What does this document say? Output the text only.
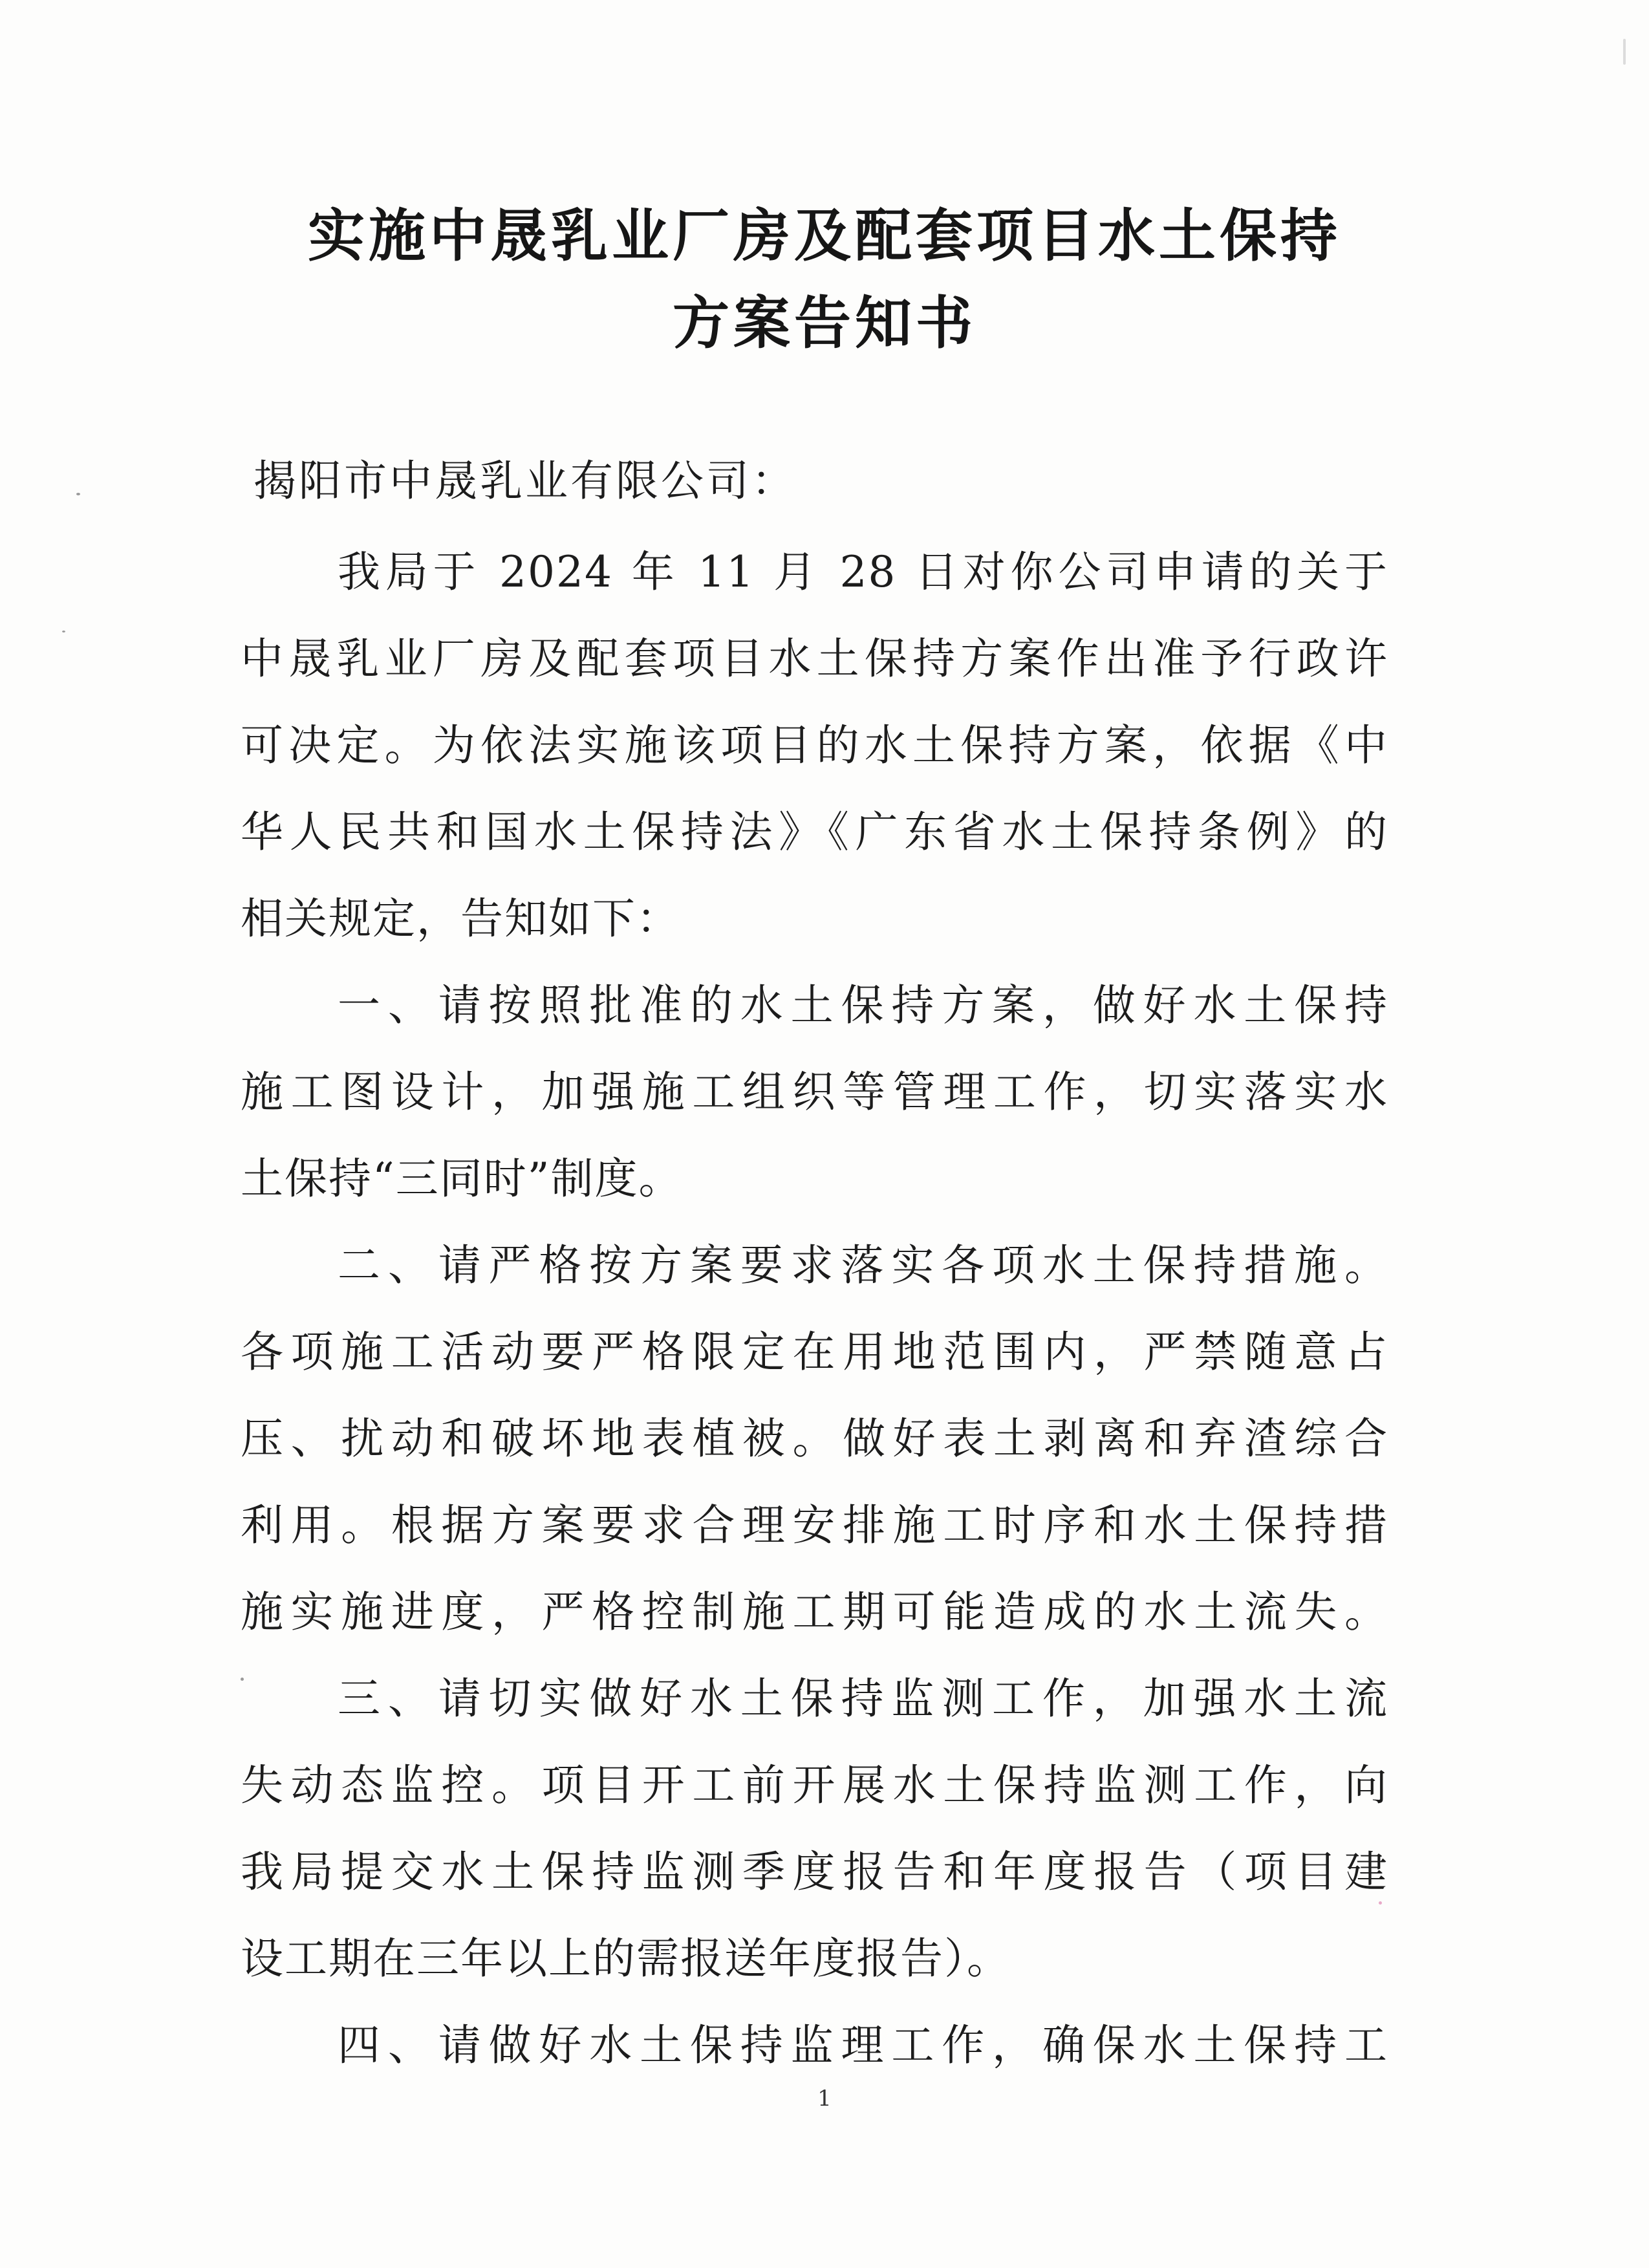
实施中晟乳业厂房及配套项目水土保持
方案告知书

揭阳市中晟乳业有限公司：

我局于 2024 年 11 月 28 日对你公司申请的关于

中晟乳业厂房及配套项目水土保持方案作出准予行政许

可决定。为依法实施该项目的水土保持方案，依据《中

华人民共和国水土保持法》《广东省水土保持条例》的

相关规定，告知如下：

一、请按照批准的水土保持方案，做好水土保持

施工图设计，加强施工组织等管理工作，切实落实水

土保持“三同时”制度。

二、请严格按方案要求落实各项水土保持措施。

各项施工活动要严格限定在用地范围内，严禁随意占

压、扰动和破坏地表植被。做好表土剥离和弃渣综合

利用。根据方案要求合理安排施工时序和水土保持措

施实施进度，严格控制施工期可能造成的水土流失。

三、请切实做好水土保持监测工作，加强水土流

失动态监控。项目开工前开展水土保持监测工作，向

我局提交水土保持监测季度报告和年度报告（项目建

设工期在三年以上的需报送年度报告）。

四、请做好水土保持监理工作，确保水土保持工

1
